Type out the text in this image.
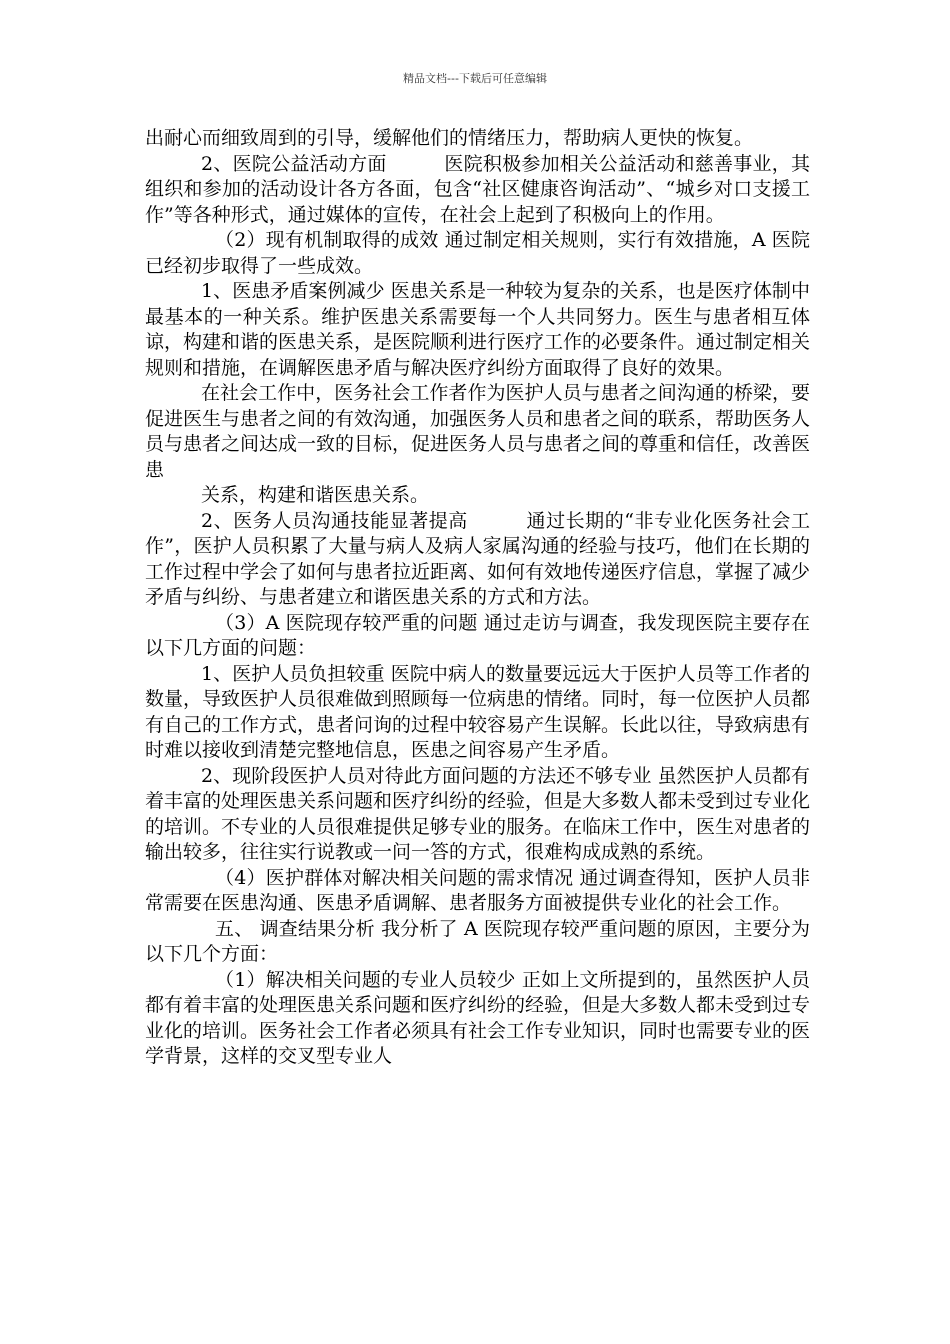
精品文档---下载后可任意编辑

出耐心而细致周到的引导，缓解他们的情绪压力，帮助病人更快的恢复。

2、医院公益活动方面　　　医院积极参加相关公益活动和慈善事业，其组织和参加的活动设计各方各面，包含“社区健康咨询活动”、“城乡对口支援工作”等各种形式，通过媒体的宣传，在社会上起到了积极向上的作用。

（2）现有机制取得的成效 通过制定相关规则，实行有效措施，A 医院已经初步取得了一些成效。

1、医患矛盾案例减少 医患关系是一种较为复杂的关系，也是医疗体制中最基本的一种关系。维护医患关系需要每一个人共同努力。医生与患者相互体谅，构建和谐的医患关系，是医院顺利进行医疗工作的必要条件。通过制定相关规则和措施，在调解医患矛盾与解决医疗纠纷方面取得了良好的效果。

在社会工作中，医务社会工作者作为医护人员与患者之间沟通的桥梁，要促进医生与患者之间的有效沟通，加强医务人员和患者之间的联系，帮助医务人员与患者之间达成一致的目标，促进医务人员与患者之间的尊重和信任，改善医患

关系，构建和谐医患关系。

2、医务人员沟通技能显著提高　　　通过长期的“非专业化医务社会工作”，医护人员积累了大量与病人及病人家属沟通的经验与技巧，他们在长期的工作过程中学会了如何与患者拉近距离、如何有效地传递医疗信息，掌握了减少矛盾与纠纷、与患者建立和谐医患关系的方式和方法。

（3）A 医院现存较严重的问题 通过走访与调查，我发现医院主要存在以下几方面的问题：

1、医护人员负担较重 医院中病人的数量要远远大于医护人员等工作者的数量，导致医护人员很难做到照顾每一位病患的情绪。同时，每一位医护人员都有自己的工作方式，患者问询的过程中较容易产生误解。长此以往，导致病患有时难以接收到清楚完整地信息，医患之间容易产生矛盾。

2、现阶段医护人员对待此方面问题的方法还不够专业 虽然医护人员都有着丰富的处理医患关系问题和医疗纠纷的经验，但是大多数人都未受到过专业化的培训。不专业的人员很难提供足够专业的服务。在临床工作中，医生对患者的输出较多，往往实行说教或一问一答的方式，很难构成成熟的系统。

（4）医护群体对解决相关问题的需求情况 通过调查得知，医护人员非常需要在医患沟通、医患矛盾调解、患者服务方面被提供专业化的社会工作。

五、 调查结果分析 我分析了 A 医院现存较严重问题的原因，主要分为以下几个方面：

（1）解决相关问题的专业人员较少 正如上文所提到的，虽然医护人员都有着丰富的处理医患关系问题和医疗纠纷的经验，但是大多数人都未受到过专业化的培训。医务社会工作者必须具有社会工作专业知识，同时也需要专业的医学背景，这样的交叉型专业人
